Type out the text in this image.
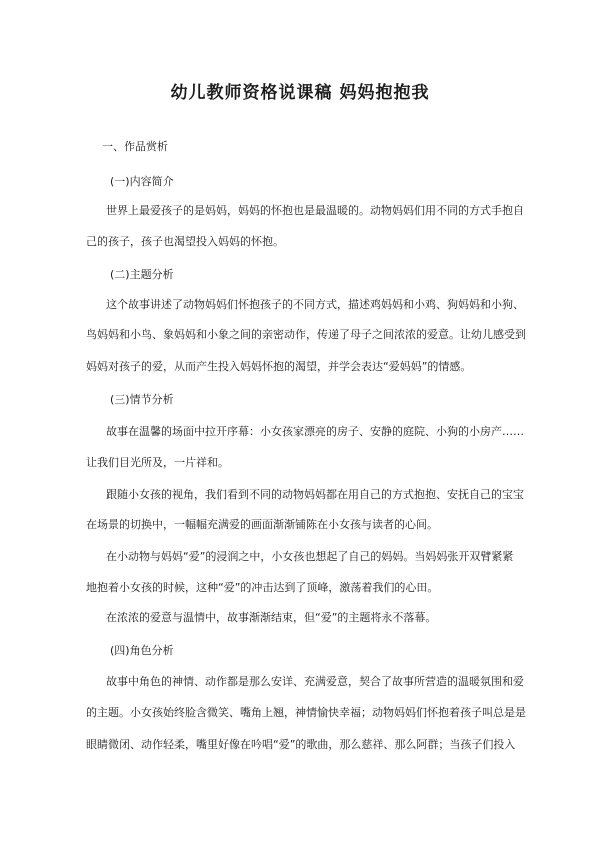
幼儿教师资格说课稿 妈妈抱抱我
一、作品赏析
(一)内容简介
世界上最爱孩子的是妈妈，妈妈的怀抱也是最温暖的。动物妈妈们用不同的方式手抱自
己的孩子，孩子也渴望投入妈妈的怀抱。
(二)主题分析
这个故事讲述了动物妈妈们怀抱孩子的不同方式，描述鸡妈妈和小鸡、狗妈妈和小狗、
鸟妈妈和小鸟、象妈妈和小象之间的亲密动作，传递了母子之间浓浓的爱意。让幼儿感受到
妈妈对孩子的爱，从而产生投入妈妈怀抱的渴望，并学会表达“爱妈妈”的情感。
(三)情节分析
故事在温馨的场面中拉开序幕：小女孩家漂亮的房子、安静的庭院、小狗的小房产……
让我们目光所及，一片祥和。
跟随小女孩的视角，我们看到不同的动物妈妈都在用自己的方式抱抱、安抚自己的宝宝
在场景的切换中，一幅幅充满爱的画面渐渐铺陈在小女孩与读者的心间。
在小动物与妈妈“爱”的浸润之中，小女孩也想起了自己的妈妈。当妈妈张开双臂紧紧
地抱着小女孩的时候，这种“爱”的冲击达到了顶峰，激荡着我们的心田。
在浓浓的爱意与温情中，故事渐渐结束，但“爱”的主题将永不落幕。
(四)角色分析
故事中角色的神情、动作都是那么安详、充满爱意，契合了故事所营造的温暖氛围和爱
的主题。小女孩始终脸含微笑、嘴角上翘，神情愉快幸福；动物妈妈们怀抱着孩子叫总是是
眼睛微闭、动作轻柔，嘴里好像在吟唱“爱”的歌曲，那么慈祥、那么阿群；当孩子们投入
